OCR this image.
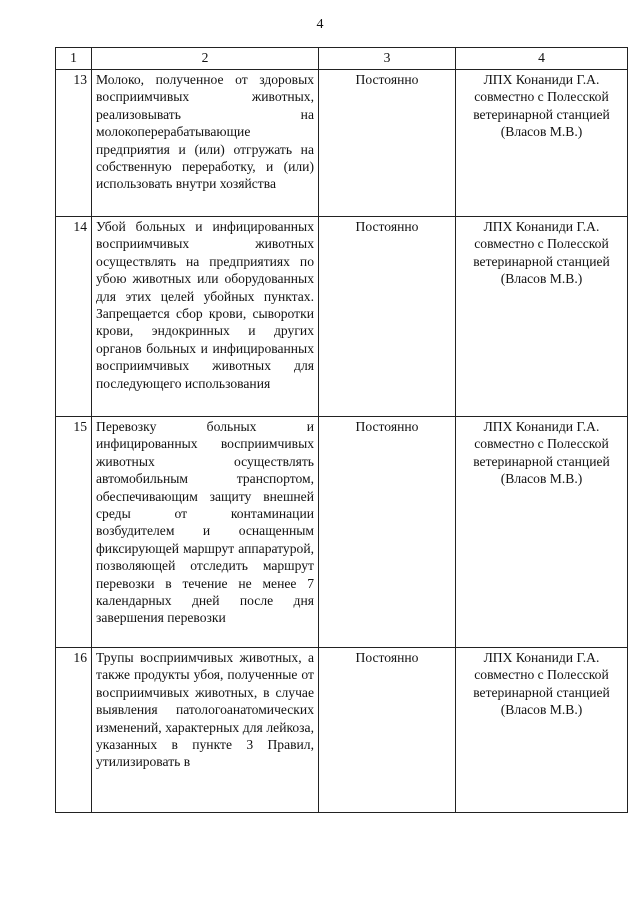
4
1	2	3	4
13	Молоко, полученное от здоровых восприимчивых животных, реализовывать на молокоперерабатывающие предприятия и (или) отгружать на собственную переработку, и (или) использовать внутри хозяйства	Постоянно	ЛПХ Конаниди Г.А. совместно с Полесской ветеринарной станцией (Власов М.В.)
14	Убой больных и инфицированных восприимчивых животных осуществлять на предприятиях по убою животных или оборудованных для этих целей убойных пунктах. Запрещается сбор крови, сыворотки крови, эндокринных и других органов больных и инфицированных восприимчивых животных для последующего использования	Постоянно	ЛПХ Конаниди Г.А. совместно с Полесской ветеринарной станцией (Власов М.В.)
15	Перевозку больных и инфицированных восприимчивых животных осуществлять автомобильным транспортом, обеспечивающим защиту внешней среды от контаминации возбудителем и оснащенным фиксирующей маршрут аппаратурой, позволяющей отследить маршрут перевозки в течение не менее 7 календарных дней после дня завершения перевозки	Постоянно	ЛПХ Конаниди Г.А. совместно с Полесской ветеринарной станцией (Власов М.В.)
16	Трупы восприимчивых животных, а также продукты убоя, полученные от восприимчивых животных, в случае выявления патологоанатомических изменений, характерных для лейкоза, указанных в пункте 3 Правил, утилизировать в	Постоянно	ЛПХ Конаниди Г.А. совместно с Полесской ветеринарной станцией (Власов М.В.)
